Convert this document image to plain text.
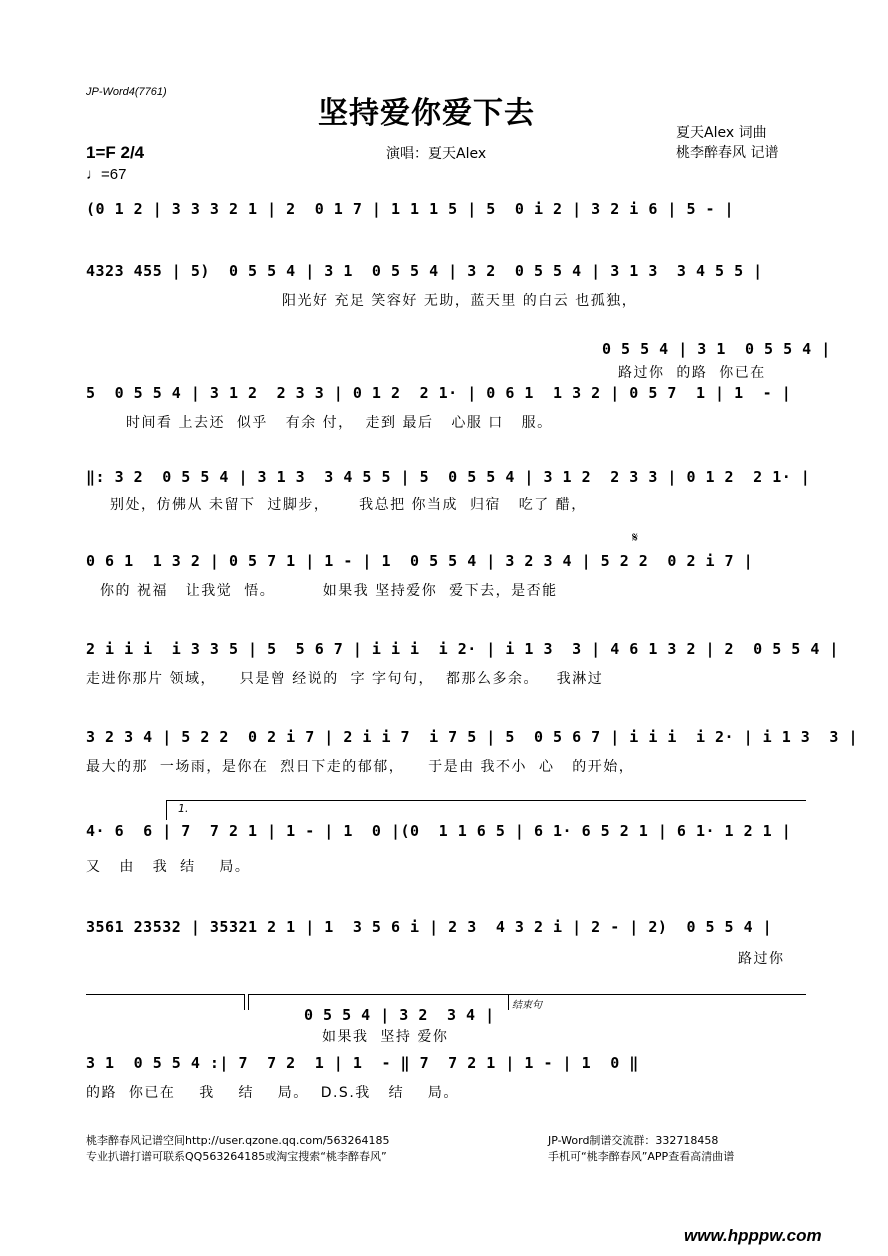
JP-Word4(7761)
坚持爱你爱下去
夏天Alex 词曲
桃李醉春风 记谱
演唱：夏天Alex
1=F 2/4
♩=67
(0 1 2 | 3 3 3 2 1 | 2  0 1 7 | 1 1 1 5 | 5  0 i 2 | 3 2 i 6 | 5 - |
4323 455 | 5)  0 5 5 4 | 3 1  0 5 5 4 | 3 2  0 5 5 4 | 3 1 3  3 4 5 5 |
阳光好 充足 笑容好 无助，蓝天里 的白云 也孤独，
0 5 5 4 | 3 1  0 5 5 4 |
路过你  的路  你已在
5  0 5 5 4 | 3 1 2  2 3 3 | 0 1 2  2 1· | 0 6 1  1 3 2 | 0 5 7  1 | 1  - |
时间看 上去还  似乎   有余 付，  走到 最后   心服 口   服。
‖: 3 2  0 5 5 4 | 3 1 3  3 4 5 5 | 5  0 5 5 4 | 3 1 2  2 3 3 | 0 1 2  2 1· |
别处，仿佛从 未留下  过脚步，     我总把 你当成  归宿   吃了 醋，
𝄋
0 6 1  1 3 2 | 0 5 7 1 | 1 - | 1  0 5 5 4 | 3 2 3 4 | 5 2 2  0 2 i 7 |
你的 祝福   让我觉  悟。        如果我 坚持爱你  爱下去，是否能
2 i i i  i 3 3 5 | 5  5 6 7 | i i i  i 2· | i 1 3  3 | 4 6 1 3 2 | 2  0 5 5 4 |
走进你那片 领域，    只是曾 经说的  字 字句句，  都那么多余。   我淋过
3 2 3 4 | 5 2 2  0 2 i 7 | 2 i i 7  i 7 5 | 5  0 5 6 7 | i i i  i 2· | i 1 3  3 |
最大的那  一场雨，是你在  烈日下走的郁郁，    于是由 我不小  心   的开始，
1.
4· 6  6 | 7  7 2 1 | 1 - | 1  0 |(0  1 1 6 5 | 6 1· 6 5 2 1 | 6 1· 1 2 1 |
又   由   我  结    局。
3561 23532 | 35321 2 1 | 1  3 5 6 i | 2 3  4 3 2 i | 2 - | 2)  0 5 5 4 |
路过你
结束句
0 5 5 4 | 3 2  3 4 |
如果我  坚持 爱你
3 1  0 5 5 4 :| 7  7 2  1 | 1  - ‖ 7  7 2 1 | 1 - | 1  0 ‖
的路  你已在    我    结    局。  D.S.我   结    局。
桃李醉春风记谱空间http://user.qzone.qq.com/563264185
专业扒谱打谱可联系QQ563264185或淘宝搜索“桃李醉春风”
JP-Word制谱交流群：332718458
手机可“桃李醉春风”APP查看高清曲谱
www.hpppw.com
